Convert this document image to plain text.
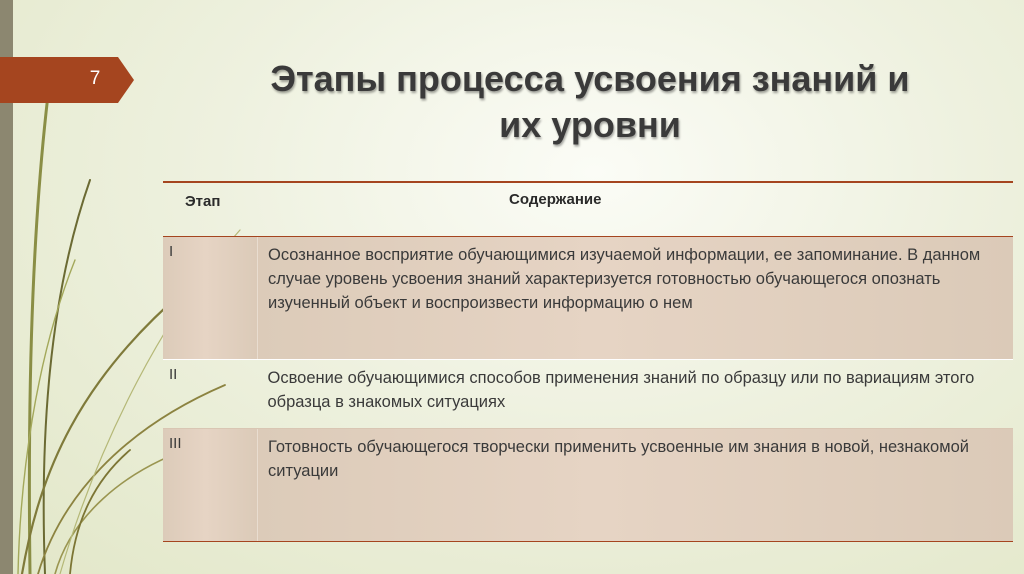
7	Этапы процесса усвоения знаний и
их уровни
Этап	Содержание
I	Осознанное восприятие обучающимися изучаемой информации, ее запоминание. В данном случае уровень усвоения знаний характеризуется готовностью обучающегося опознать изученный объект и воспроизвести информацию о нем
II	Освоение обучающимися способов применения знаний по образцу или по вариациям этого образца в знакомых ситуациях
III	Готовность обучающегося творчески применить усвоенные им знания в новой, незнакомой ситуации
